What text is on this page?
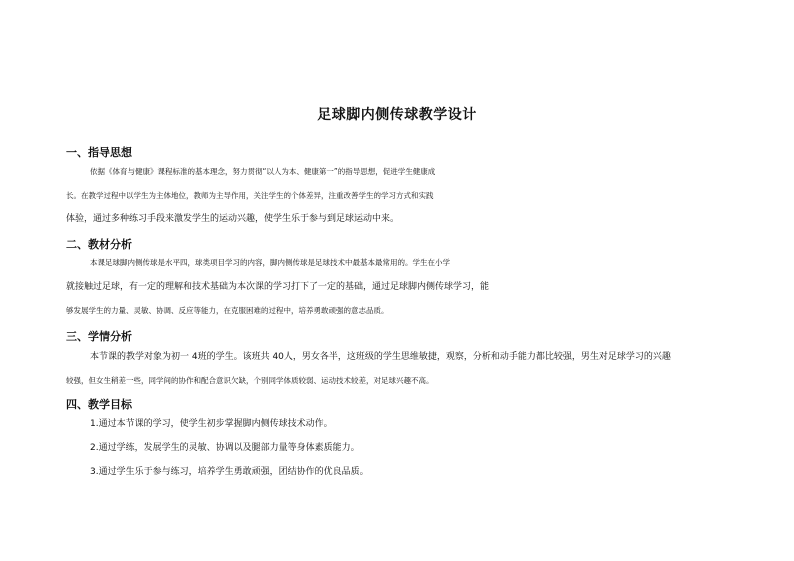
足球脚内侧传球教学设计
一、指导思想
依据《体育与健康》课程标准的基本理念，努力贯彻“以人为本、健康第一”的指导思想，促进学生健康成
长。在教学过程中以学生为主体地位，教师为主导作用，关注学生的个体差异，注重改善学生的学习方式和实践
体验，通过多种练习手段来激发学生的运动兴趣，使学生乐于参与到足球运动中来。
二、教材分析
本课足球脚内侧传球是水平四，球类项目学习的内容，脚内侧传球是足球技术中最基本最常用的。学生在小学
就接触过足球，有一定的理解和技术基础为本次课的学习打下了一定的基础，通过足球脚内侧传球学习，能
够发展学生的力量、灵敏、协调、反应等能力，在克服困难的过程中，培养勇敢顽强的意志品质。
三、学情分析
本节课的教学对象为初一 4班的学生。该班共 40人，男女各半，这班级的学生思维敏捷，观察，分析和动手能力都比较强，男生对足球学习的兴趣
较强，但女生稍差一些，同学间的协作和配合意识欠缺，个别同学体质较弱、运动技术较差，对足球兴趣不高。
四、教学目标
1.通过本节课的学习，使学生初步掌握脚内侧传球技术动作。
2.通过学练，发展学生的灵敏、协调以及腿部力量等身体素质能力。
3.通过学生乐于参与练习，培养学生勇敢顽强，团结协作的优良品质。
